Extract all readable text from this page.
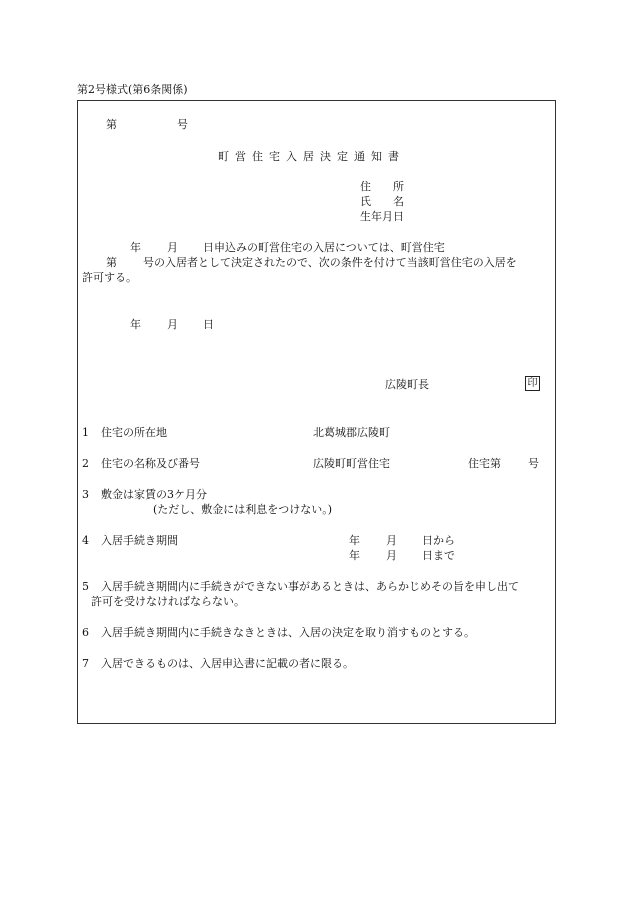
第2号様式(第6条関係)
第	号
町営住宅入居決定通知書
住　　所
氏　　名
生年月日
年 月 日申込みの町営住宅の入居については、町営住宅
第 号の入居者として決定されたので、次の条件を付けて当該町営住宅の入居を
許可する。
年 月 日
広陵町長	印
1 住宅の所在地	北葛城郡広陵町
2 住宅の名称及び番号	広陵町町営住宅	住宅第 号
3 敷金は家賃の3ケ月分
(ただし、敷金には利息をつけない。)
4 入居手続き期間	年 月 日から
年 月 日まで
5 入居手続き期間内に手続きができない事があるときは、あらかじめその旨を申し出て
許可を受けなければならない。
6 入居手続き期間内に手続きなきときは、入居の決定を取り消すものとする。
7 入居できるものは、入居申込書に記載の者に限る。
